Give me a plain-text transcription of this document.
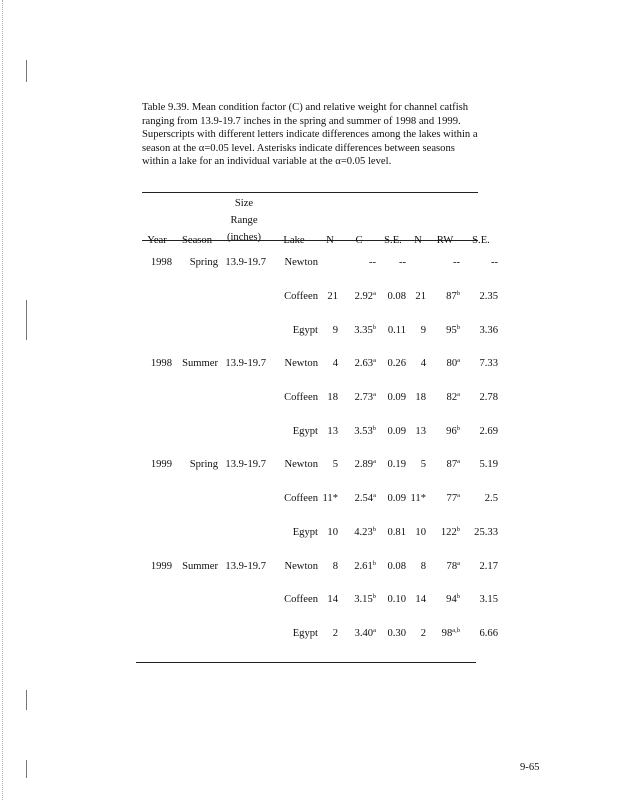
Table 9.39. Mean condition factor (C) and relative weight for channel catfish ranging from 13.9-19.7 inches in the spring and summer of 1998 and 1999. Superscripts with different letters indicate differences among the lakes within a season at the α=0.05 level. Asterisks indicate differences between seasons within a lake for an individual variable at the α=0.05 level.
Year	Season	Size Range (inches)	Lake	N	C	S.E.	N	RW	S.E.
1998	Spring	13.9-19.7	Newton		--	--		--	--
			Coffeen	21	2.92$^a$	0.08	21	87$^b$	2.35
			Egypt	9	3.35$^b$	0.11	9	95$^b$	3.36
1998	Summer	13.9-19.7	Newton	4	2.63$^a$	0.26	4	80$^a$	7.33
			Coffeen	18	2.73$^a$	0.09	18	82$^a$	2.78
			Egypt	13	3.53$^b$	0.09	13	96$^b$	2.69
1999	Spring	13.9-19.7	Newton	5	2.89$^a$	0.19	5	87$^a$	5.19
			Coffeen	11*	2.54$^a$	0.09	11*	77$^a$	2.5
			Egypt	10	4.23$^b$	0.81	10	122$^b$	25.33
1999	Summer	13.9-19.7	Newton	8	2.61$^b$	0.08	8	78$^a$	2.17
			Coffeen	14	3.15$^b$	0.10	14	94$^b$	3.15
			Egypt	2	3.40$^a$	0.30	2	98$^{a,b}$	6.66
9-65
